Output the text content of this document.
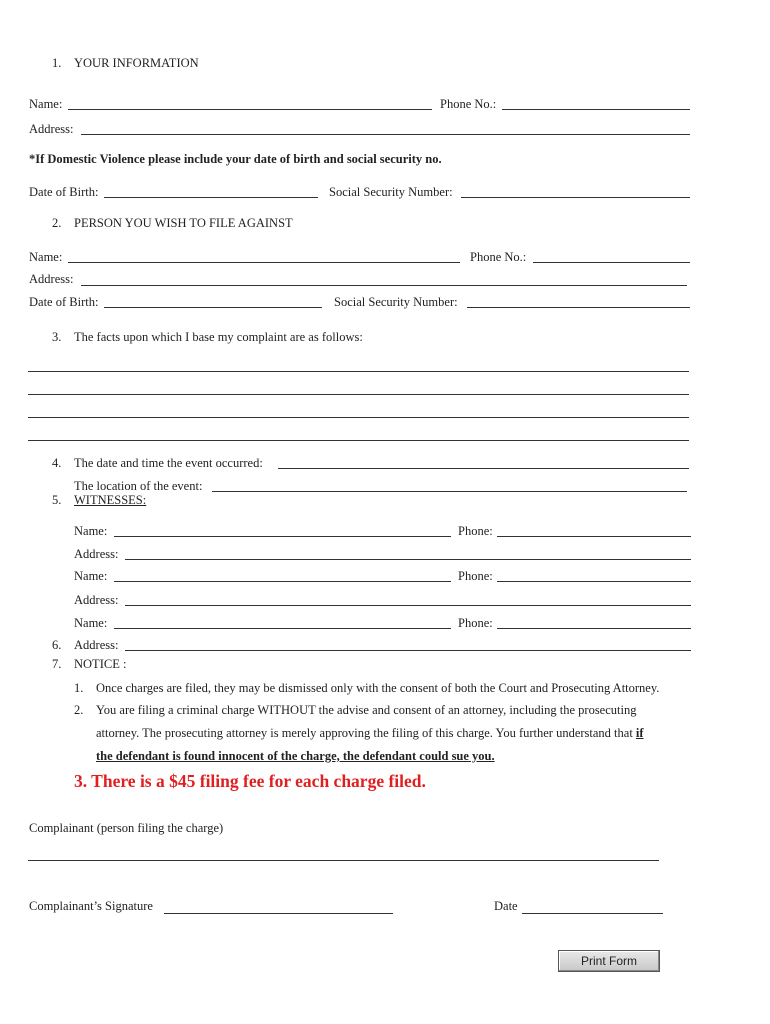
1. YOUR INFORMATION
Name:	Phone No.:
Address:
*If Domestic Violence please include your date of birth and social security no.
Date of Birth:	Social Security Number:
2. PERSON YOU WISH TO FILE AGAINST
Name:	Phone No.:
Address:
Date of Birth:	Social Security Number:
3. The facts upon which I base my complaint are as follows:
4. The date and time the event occurred:
The location of the event:
5. WITNESSES:
Name:	Phone:
Address:
Name:	Phone:
Address:
Name:	Phone:
6. Address:
7. NOTICE :
1. Once charges are filed, they may be dismissed only with the consent of both the Court and Prosecuting Attorney.
2. You are filing a criminal charge WITHOUT the advise and consent of an attorney, including the prosecuting
attorney. The prosecuting attorney is merely approving the filing of this charge. You further understand that if
the defendant is found innocent of the charge, the defendant could sue you.
3. There is a $45 filing fee for each charge filed.
Complainant (person filing the charge)
Complainant’s Signature	Date
Print Form
